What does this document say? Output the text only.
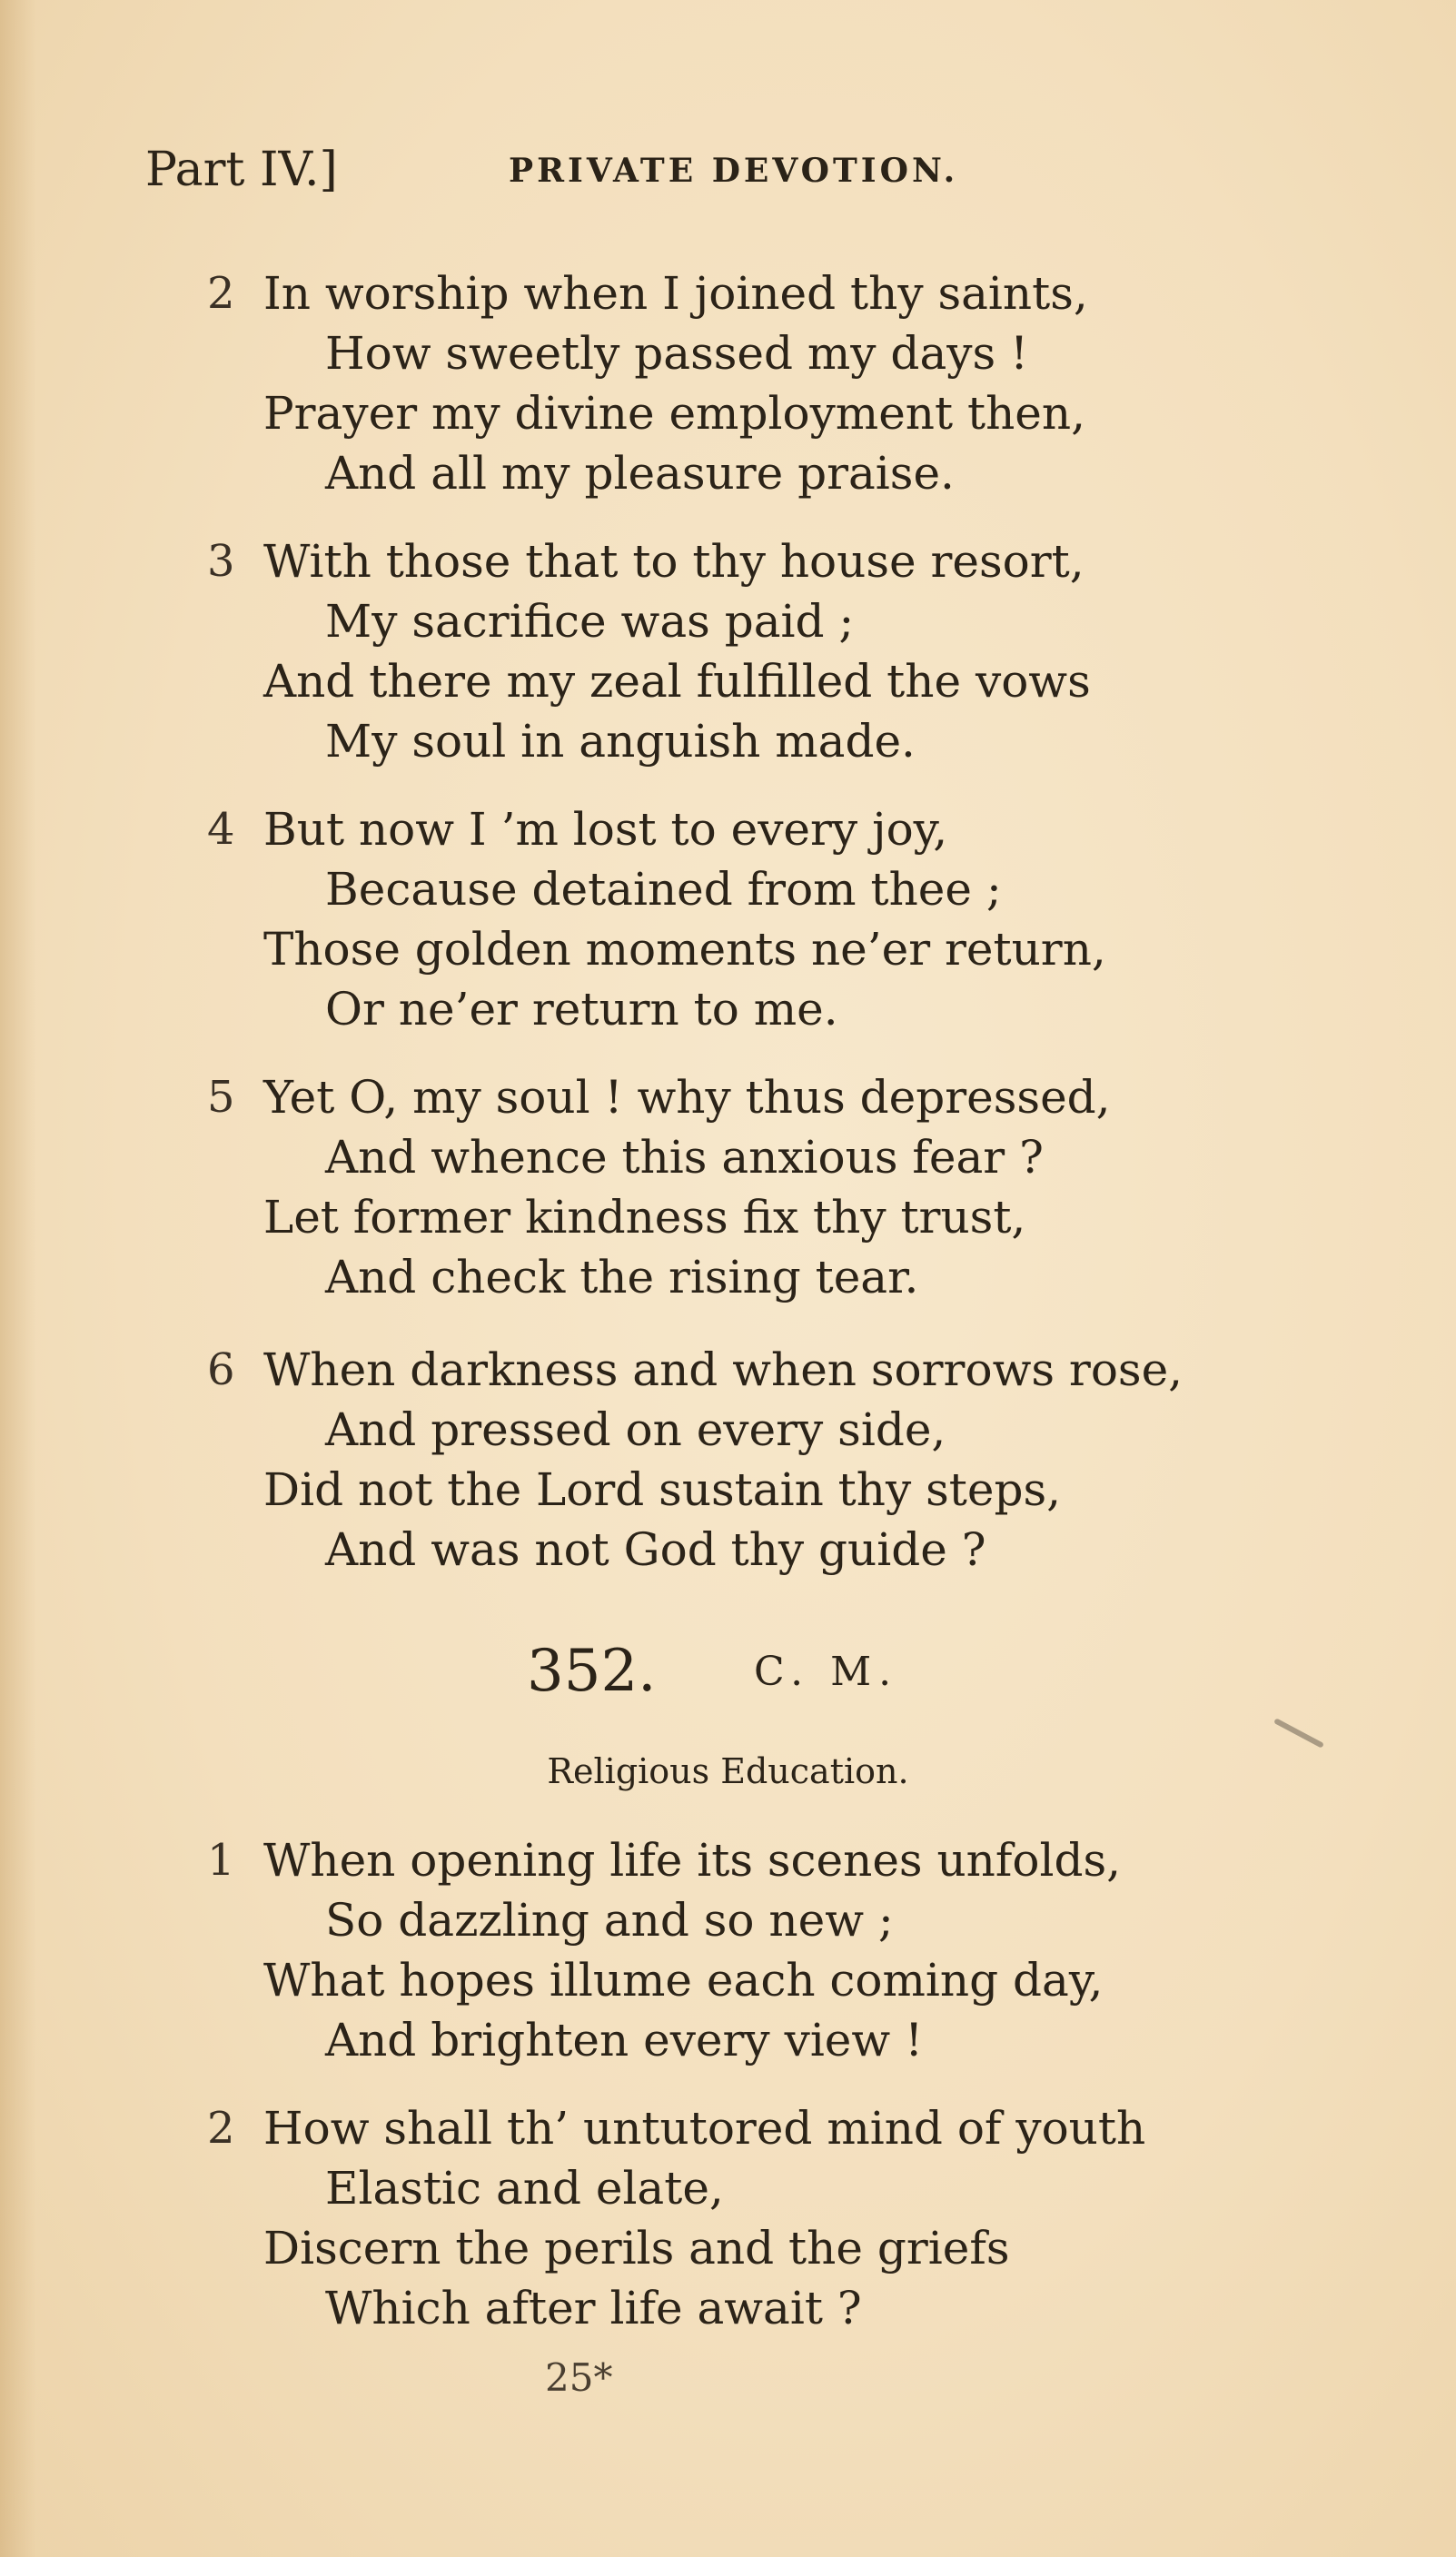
Part IV.]	PRIVATE DEVOTION.
2 In worship when I joined thy saints,
How sweetly passed my days !
Prayer my divine employment then,
And all my pleasure praise.
3 With those that to thy house resort,
My sacrifice was paid ;
And there my zeal fulfilled the vows
My soul in anguish made.
4 But now I ’m lost to every joy,
Because detained from thee ;
Those golden moments ne’er return,
Or ne’er return to me.
5 Yet O, my soul ! why thus depressed,
And whence this anxious fear ?
Let former kindness fix thy trust,
And check the rising tear.
6 When darkness and when sorrows rose,
And pressed on every side,
Did not the Lord sustain thy steps,
And was not God thy guide ?
​
352. C. M.
Religious Education.
1 When opening life its scenes unfolds,
So dazzling and so new ;
What hopes illume each coming day,
And brighten every view !
2 How shall th’ untutored mind of youth
Elastic and elate,
Discern the perils and the griefs
Which after life await ?
25*
